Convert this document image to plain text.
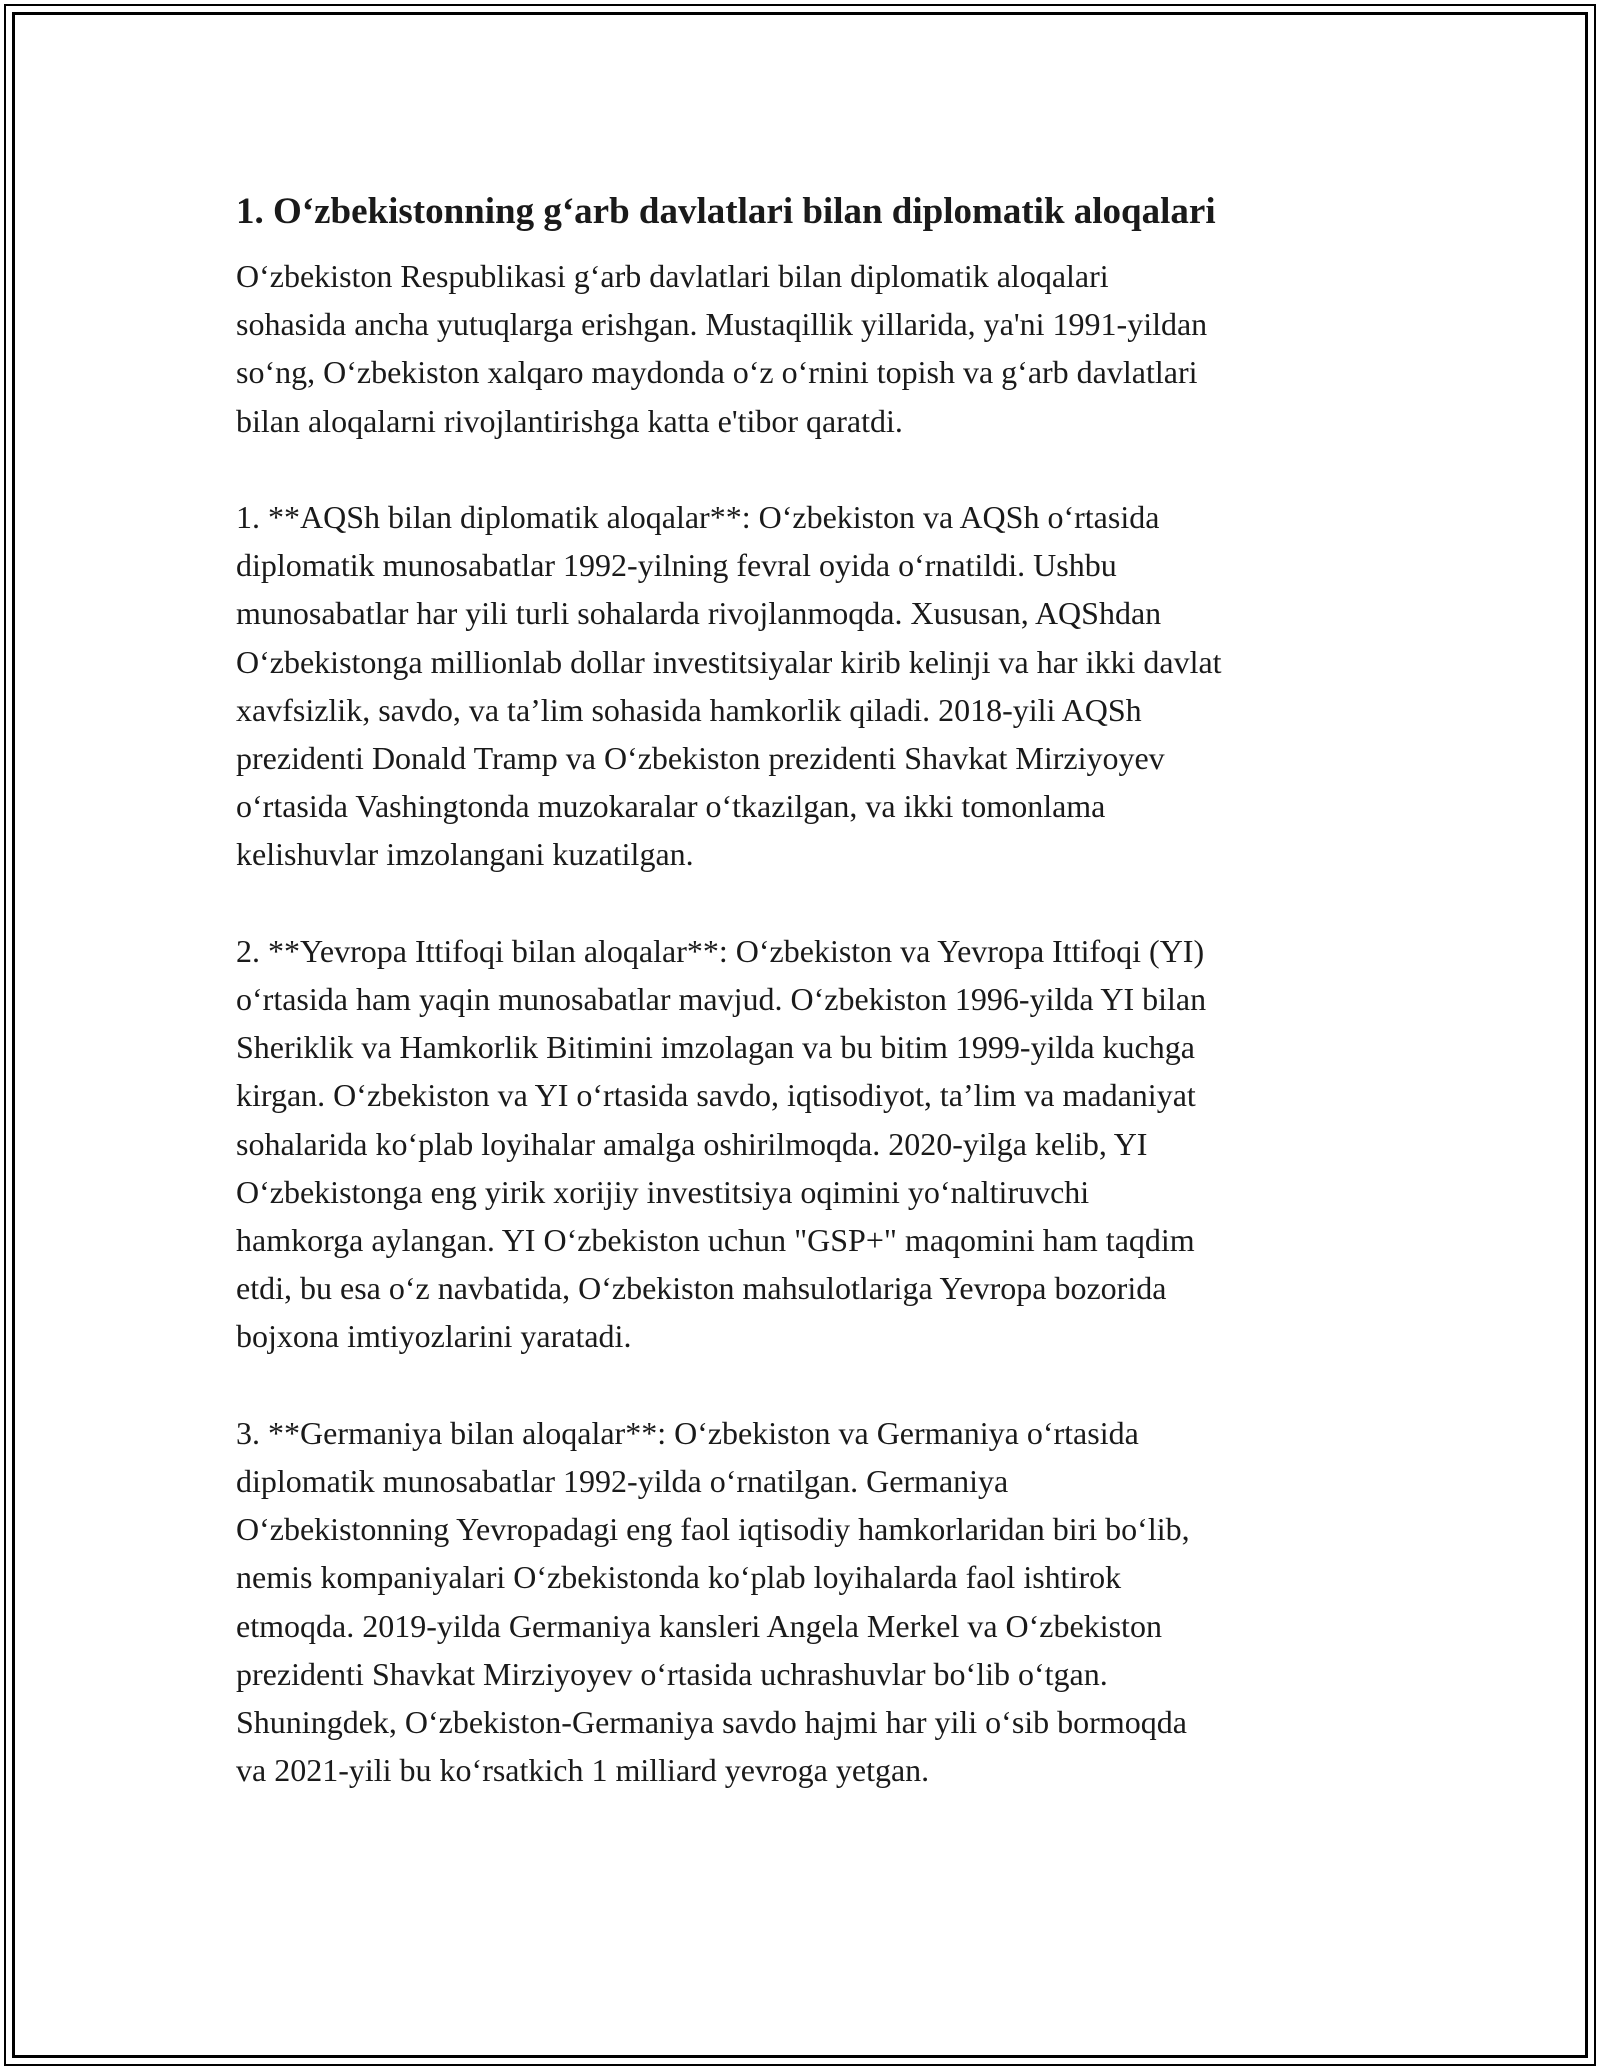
1. O‘zbekistonning g‘arb davlatlari bilan diplomatik aloqalari

O‘zbekiston Respublikasi g‘arb davlatlari bilan diplomatik aloqalari
sohasida ancha yutuqlarga erishgan. Mustaqillik yillarida, ya'ni 1991-yildan
so‘ng, O‘zbekiston xalqaro maydonda o‘z o‘rnini topish va g‘arb davlatlari
bilan aloqalarni rivojlantirishga katta e'tibor qaratdi.

1. **AQSh bilan diplomatik aloqalar**: O‘zbekiston va AQSh o‘rtasida
diplomatik munosabatlar 1992-yilning fevral oyida o‘rnatildi. Ushbu
munosabatlar har yili turli sohalarda rivojlanmoqda. Xususan, AQShdan
O‘zbekistonga millionlab dollar investitsiyalar kirib kelinji va har ikki davlat
xavfsizlik, savdo, va ta’lim sohasida hamkorlik qiladi. 2018-yili AQSh
prezidenti Donald Tramp va O‘zbekiston prezidenti Shavkat Mirziyoyev
o‘rtasida Vashingtonda muzokaralar o‘tkazilgan, va ikki tomonlama
kelishuvlar imzolangani kuzatilgan.

2. **Yevropa Ittifoqi bilan aloqalar**: O‘zbekiston va Yevropa Ittifoqi (YI)
o‘rtasida ham yaqin munosabatlar mavjud. O‘zbekiston 1996-yilda YI bilan
Sheriklik va Hamkorlik Bitimini imzolagan va bu bitim 1999-yilda kuchga
kirgan. O‘zbekiston va YI o‘rtasida savdo, iqtisodiyot, ta’lim va madaniyat
sohalarida ko‘plab loyihalar amalga oshirilmoqda. 2020-yilga kelib, YI
O‘zbekistonga eng yirik xorijiy investitsiya oqimini yo‘naltiruvchi
hamkorga aylangan. YI O‘zbekiston uchun "GSP+" maqomini ham taqdim
etdi, bu esa o‘z navbatida, O‘zbekiston mahsulotlariga Yevropa bozorida
bojxona imtiyozlarini yaratadi.

3. **Germaniya bilan aloqalar**: O‘zbekiston va Germaniya o‘rtasida
diplomatik munosabatlar 1992-yilda o‘rnatilgan. Germaniya
O‘zbekistonning Yevropadagi eng faol iqtisodiy hamkorlaridan biri bo‘lib,
nemis kompaniyalari O‘zbekistonda ko‘plab loyihalarda faol ishtirok
etmoqda. 2019-yilda Germaniya kansleri Angela Merkel va O‘zbekiston
prezidenti Shavkat Mirziyoyev o‘rtasida uchrashuvlar bo‘lib o‘tgan.
Shuningdek, O‘zbekiston-Germaniya savdo hajmi har yili o‘sib bormoqda
va 2021-yili bu ko‘rsatkich 1 milliard yevroga yetgan.
